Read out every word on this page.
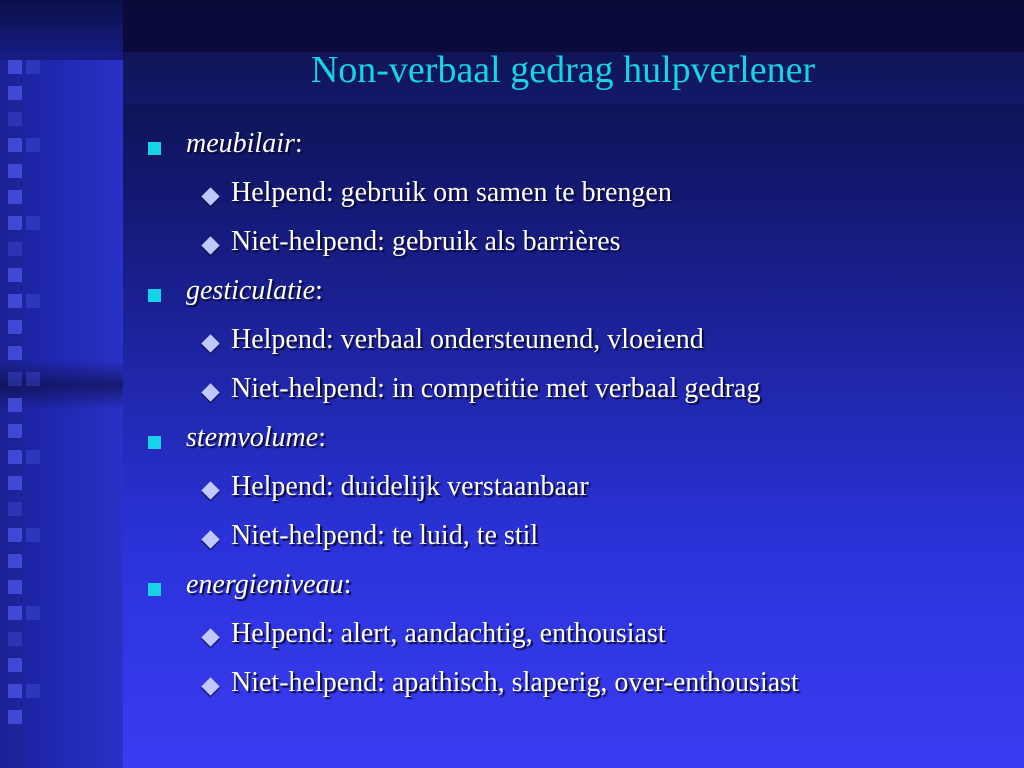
Non-verbaal gedrag hulpverlener
meubilair:
Helpend: gebruik om samen te brengen
Niet-helpend: gebruik als barrières
gesticulatie:
Helpend: verbaal ondersteunend, vloeiend
Niet-helpend: in competitie met verbaal gedrag
stemvolume:
Helpend: duidelijk verstaanbaar
Niet-helpend: te luid, te stil
energieniveau:
Helpend: alert, aandachtig, enthousiast
Niet-helpend: apathisch, slaperig, over-enthousiast
